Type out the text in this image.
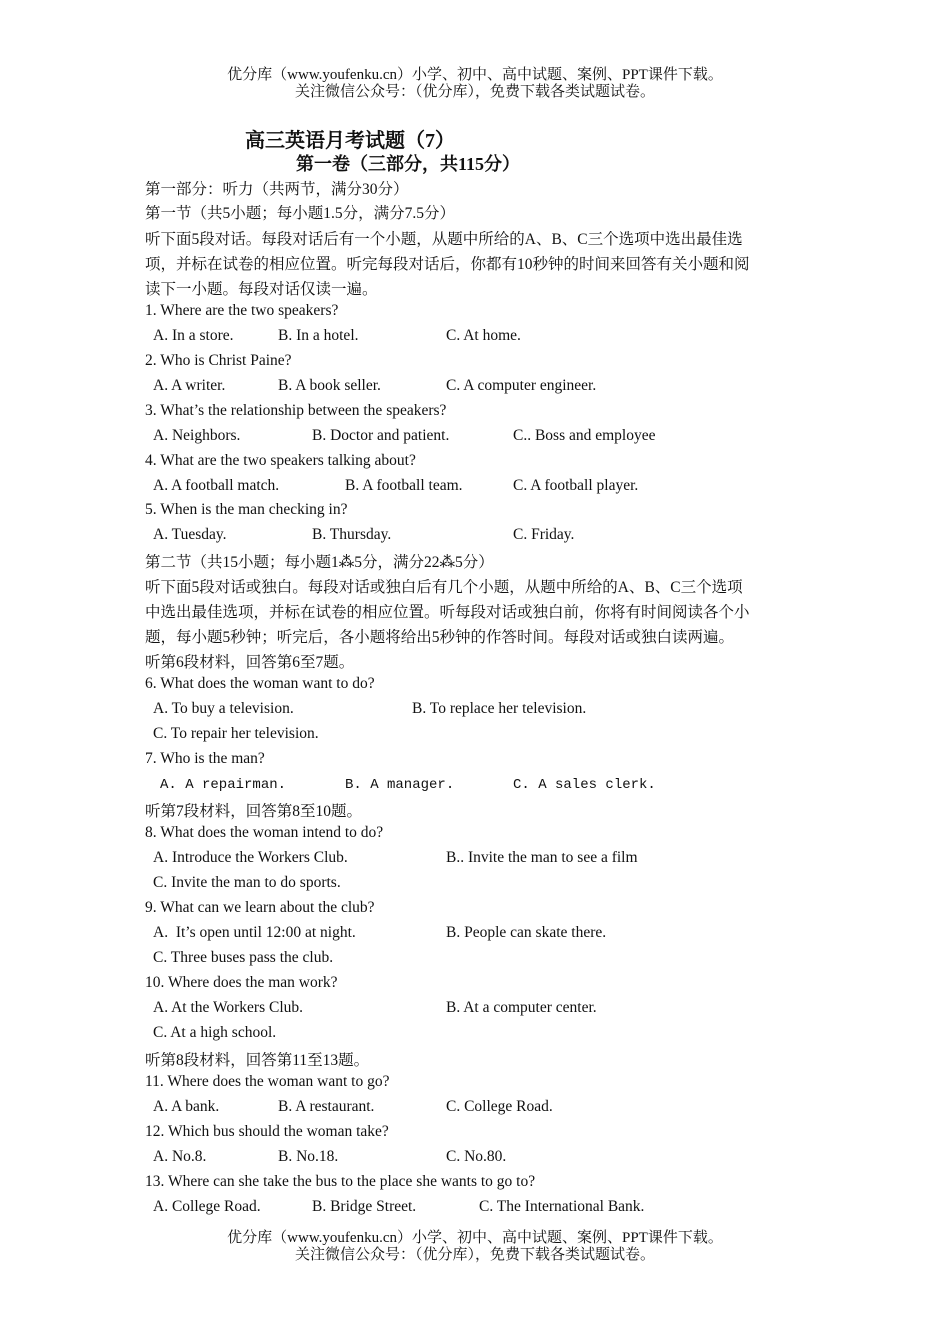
优分库（www.youfenku.cn）小学、初中、高中试题、案例、PPT课件下载。
关注微信公众号：（优分库），免费下载各类试题试卷。
高三英语月考试题（7）
第一卷（三部分，共115分）
第一部分：听力（共两节，满分30分）
第一节（共5小题；每小题1.5分，满分7.5分）
听下面5段对话。每段对话后有一个小题，从题中所给的A、B、C三个选项中选出最佳选
项，并标在试卷的相应位置。听完每段对话后，你都有10秒钟的时间来回答有关小题和阅
读下一小题。每段对话仅读一遍。
1. Where are the two speakers?
A. In a store.	B. In a hotel.	C. At home.
2. Who is Christ Paine?
A. A writer.	B. A book seller.	C. A computer engineer.
3. What’s the relationship between the speakers?
A. Neighbors.	B. Doctor and patient.	C.. Boss and employee
4. What are the two speakers talking about?
A. A football match.	B. A football team.	C. A football player.
5. When is the man checking in?
A. Tuesday.	B. Thursday.	C. Friday.
第二节（共15小题；每小题1⁂5分，满分22⁂5分）
听下面5段对话或独白。每段对话或独白后有几个小题，从题中所给的A、B、C三个选项
中选出最佳选项，并标在试卷的相应位置。听每段对话或独白前，你将有时间阅读各个小
题，每小题5秒钟；听完后，各小题将给出5秒钟的作答时间。每段对话或独白读两遍。
听第6段材料，回答第6至7题。
6. What does the woman want to do?
A. To buy a television.	B. To replace her television.
C. To repair her television.
7. Who is the man?
A. A repairman.	B. A manager.	C. A sales clerk.
听第7段材料，回答第8至10题。
8. What does the woman intend to do?
A. Introduce the Workers Club.	B.. Invite the man to see a film
C. Invite the man to do sports.
9. What can we learn about the club?
A.  It’s open until 12:00 at night.	B. People can skate there.
C. Three buses pass the club.
10. Where does the man work?
A. At the Workers Club.	B. At a computer center.
C. At a high school.
听第8段材料，回答第11至13题。
11. Where does the woman want to go?
A. A bank.	B. A restaurant.	C. College Road.
12. Which bus should the woman take?
A. No.8.	B. No.18.	C. No.80.
13. Where can she take the bus to the place she wants to go to?
A. College Road.	B. Bridge Street.	C. The International Bank.
优分库（www.youfenku.cn）小学、初中、高中试题、案例、PPT课件下载。
关注微信公众号：（优分库），免费下载各类试题试卷。
